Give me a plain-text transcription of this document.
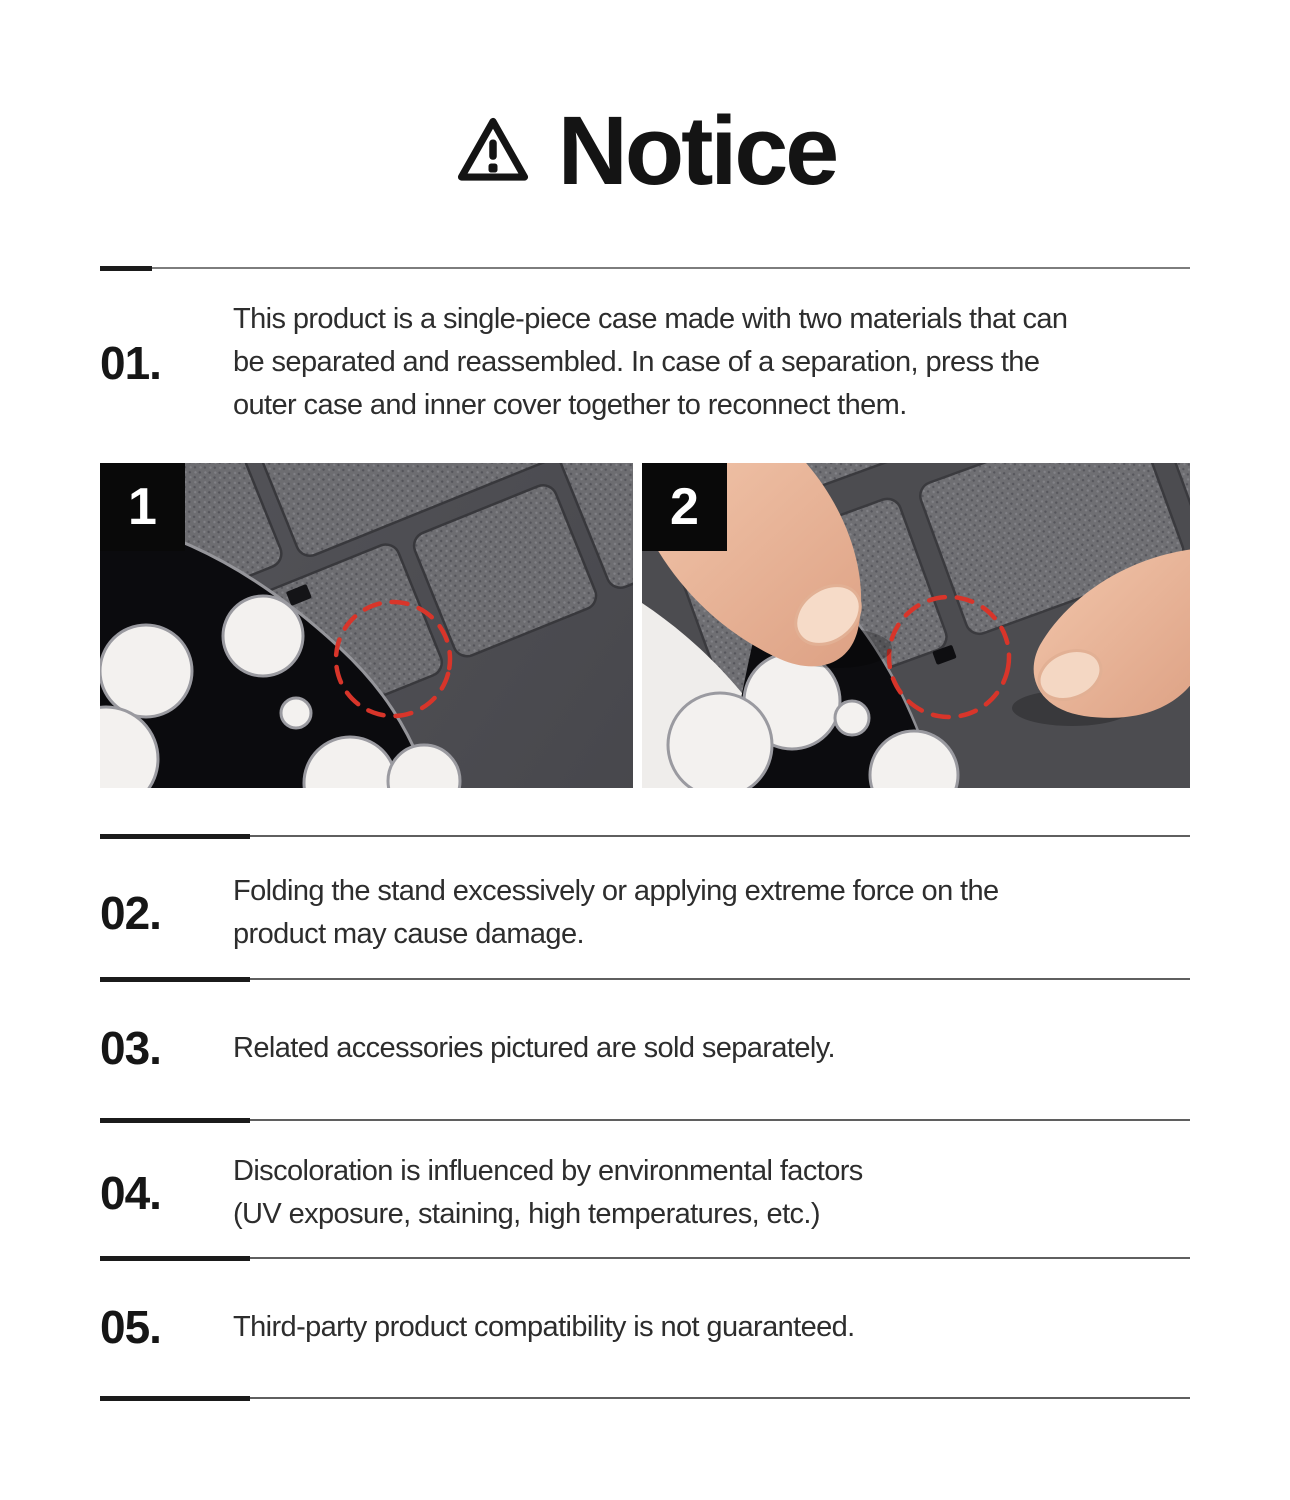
Notice
01.
This product is a single-piece case made with two materials that can
be separated and reassembled. In case of a separation, press the
outer case and inner cover together to reconnect them.
1	2
02.	Folding the stand excessively or applying extreme force on the
product may cause damage.
03.	Related accessories pictured are sold separately.
04.	Discoloration is influenced by environmental factors
(UV exposure, staining, high temperatures, etc.)
05.	Third-party product compatibility is not guaranteed.
